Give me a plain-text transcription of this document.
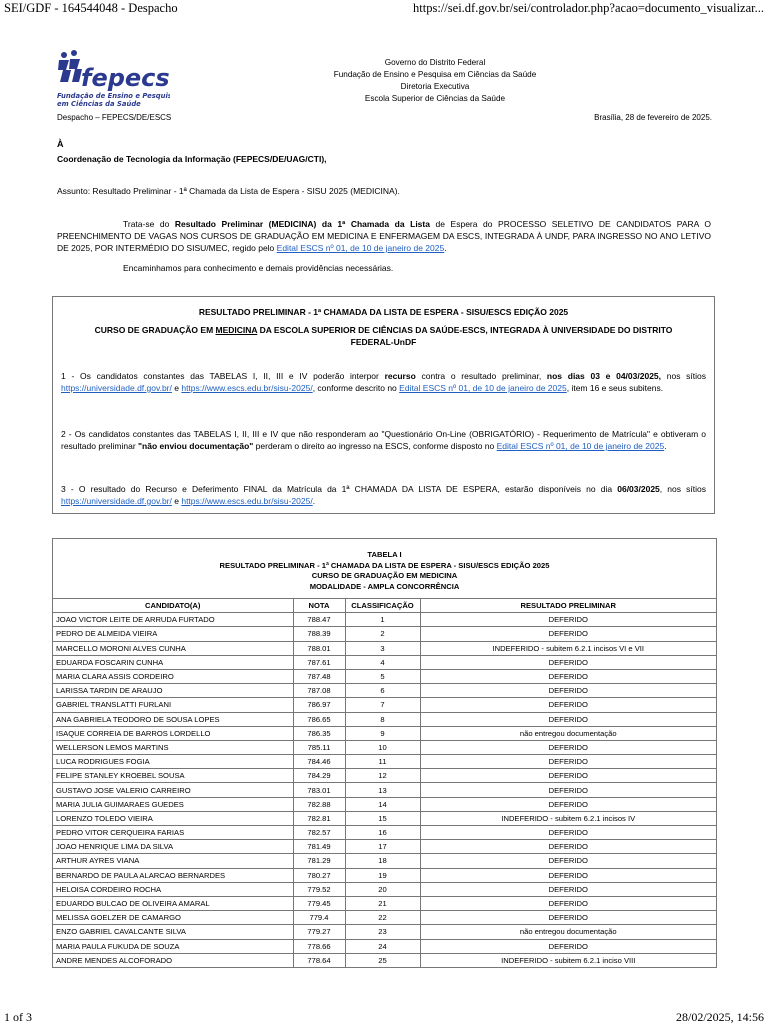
SEI/GDF - 164544048 - Despacho	https://sei.df.gov.br/sei/controlador.php?acao=documento_visualizar...
fepecs
Fundação de Ensino e Pesquisa
em Ciências da Saúde
Governo do Distrito Federal
Fundação de Ensino e Pesquisa em Ciências da Saúde
Diretoria Executiva
Escola Superior de Ciências da Saúde
Despacho – FEPECS/DE/ESCS	Brasília, 28 de fevereiro de 2025.
À
Coordenação de Tecnologia da Informação (FEPECS/DE/UAG/CTI),
Assunto: Resultado Preliminar - 1ª Chamada da Lista de Espera - SISU 2025 (MEDICINA).
Trata-se do Resultado Preliminar (MEDICINA) da 1ª Chamada da Lista de Espera do PROCESSO SELETIVO DE CANDIDATOS PARA O PREENCHIMENTO DE VAGAS NOS CURSOS DE GRADUAÇÃO EM MEDICINA E ENFERMAGEM DA ESCS, INTEGRADA À UNDF, PARA INGRESSO NO ANO LETIVO DE 2025, POR INTERMÉDIO DO SISU/MEC, regido pelo Edital ESCS nº 01, de 10 de janeiro de 2025.
Encaminhamos para conhecimento e demais providências necessárias.
RESULTADO PRELIMINAR - 1ª CHAMADA DA LISTA DE ESPERA - SISU/ESCS EDIÇÃO 2025
CURSO DE GRADUAÇÃO EM MEDICINA DA ESCOLA SUPERIOR DE CIÊNCIAS DA SAÚDE-ESCS, INTEGRADA À UNIVERSIDADE DO DISTRITO FEDERAL-UnDF
1 - Os candidatos constantes das TABELAS I, II, III e IV poderão interpor recurso contra o resultado preliminar, nos dias 03 e 04/03/2025, nos sítios https://universidade.df.gov.br/ e https://www.escs.edu.br/sisu-2025/, conforme descrito no Edital ESCS nº 01, de 10 de janeiro de 2025, item 16 e seus subitens.
2 - Os candidatos constantes das TABELAS I, II, III e IV que não responderam ao "Questionário On-Line (OBRIGATÓRIO) - Requerimento de Matrícula" e obtiveram o resultado preliminar "não enviou documentação" perderam o direito ao ingresso na ESCS, conforme disposto no Edital ESCS nº 01, de 10 de janeiro de 2025.
3 - O resultado do Recurso e Deferimento FINAL da Matrícula da 1ª CHAMADA DA LISTA DE ESPERA, estarão disponíveis no dia 06/03/2025, nos sítios https://universidade.df.gov.br/ e https://www.escs.edu.br/sisu-2025/.
TABELA I
RESULTADO PRELIMINAR - 1ª CHAMADA DA LISTA DE ESPERA - SISU/ESCS EDIÇÃO 2025
CURSO DE GRADUAÇÃO EM MEDICINA
MODALIDADE - AMPLA CONCORRÊNCIA
CANDIDATO(A)	NOTA	CLASSIFICAÇÃO	RESULTADO PRELIMINAR
JOAO VICTOR LEITE DE ARRUDA FURTADO	788.47	1	DEFERIDO
PEDRO DE ALMEIDA VIEIRA	788.39	2	DEFERIDO
MARCELLO MORONI ALVES CUNHA	788.01	3	INDEFERIDO - subitem 6.2.1 incisos VI e VII
EDUARDA FOSCARIN CUNHA	787.61	4	DEFERIDO
MARIA CLARA ASSIS CORDEIRO	787.48	5	DEFERIDO
LARISSA TARDIN DE ARAUJO	787.08	6	DEFERIDO
GABRIEL TRANSLATTI FURLANI	786.97	7	DEFERIDO
ANA GABRIELA TEODORO DE SOUSA LOPES	786.65	8	DEFERIDO
ISAQUE CORREIA DE BARROS LORDELLO	786.35	9	não entregou documentação
WELLERSON LEMOS MARTINS	785.11	10	DEFERIDO
LUCA RODRIGUES FOGIA	784.46	11	DEFERIDO
FELIPE STANLEY KROEBEL SOUSA	784.29	12	DEFERIDO
GUSTAVO JOSE VALERIO CARREIRO	783.01	13	DEFERIDO
MARIA JULIA GUIMARAES GUEDES	782.88	14	DEFERIDO
LORENZO TOLEDO VIEIRA	782.81	15	INDEFERIDO - subitem 6.2.1 incisos IV
PEDRO VITOR CERQUEIRA FARIAS	782.57	16	DEFERIDO
JOAO HENRIQUE LIMA DA SILVA	781.49	17	DEFERIDO
ARTHUR AYRES VIANA	781.29	18	DEFERIDO
BERNARDO DE PAULA ALARCAO BERNARDES	780.27	19	DEFERIDO
HELOISA CORDEIRO ROCHA	779.52	20	DEFERIDO
EDUARDO BULCAO DE OLIVEIRA AMARAL	779.45	21	DEFERIDO
MELISSA GOELZER DE CAMARGO	779.4	22	DEFERIDO
ENZO GABRIEL CAVALCANTE SILVA	779.27	23	não entregou documentação
MARIA PAULA FUKUDA DE SOUZA	778.66	24	DEFERIDO
ANDRE MENDES ALCOFORADO	778.64	25	INDEFERIDO - subitem 6.2.1 inciso VIII
1 of 3	28/02/2025, 14:56
